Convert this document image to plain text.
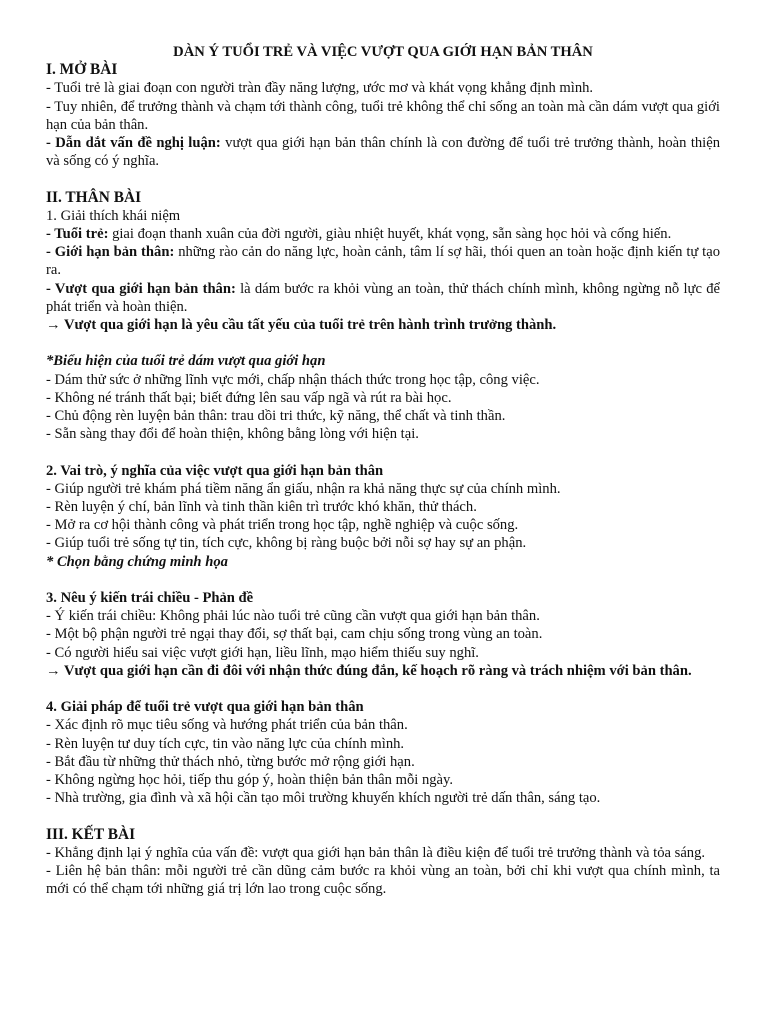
DÀN Ý TUỔI TRẺ VÀ VIỆC VƯỢT QUA GIỚI HẠN BẢN THÂN

I. MỞ BÀI

- Tuổi trẻ là giai đoạn con người tràn đầy năng lượng, ước mơ và khát vọng khẳng định mình.

- Tuy nhiên, để trưởng thành và chạm tới thành công, tuổi trẻ không thể chỉ sống an toàn mà cần dám vượt qua giới hạn của bản thân.

- Dẫn dắt vấn đề nghị luận: vượt qua giới hạn bản thân chính là con đường để tuổi trẻ trưởng thành, hoàn thiện và sống có ý nghĩa.

II. THÂN BÀI

1. Giải thích khái niệm

- Tuổi trẻ: giai đoạn thanh xuân của đời người, giàu nhiệt huyết, khát vọng, sẵn sàng học hỏi và cống hiến.

- Giới hạn bản thân: những rào cản do năng lực, hoàn cảnh, tâm lí sợ hãi, thói quen an toàn hoặc định kiến tự tạo ra.

- Vượt qua giới hạn bản thân: là dám bước ra khỏi vùng an toàn, thử thách chính mình, không ngừng nỗ lực để phát triển và hoàn thiện.

→ Vượt qua giới hạn là yêu cầu tất yếu của tuổi trẻ trên hành trình trưởng thành.

*Biểu hiện của tuổi trẻ dám vượt qua giới hạn

- Dám thử sức ở những lĩnh vực mới, chấp nhận thách thức trong học tập, công việc.

- Không né tránh thất bại; biết đứng lên sau vấp ngã và rút ra bài học.

- Chủ động rèn luyện bản thân: trau dồi tri thức, kỹ năng, thể chất và tinh thần.

- Sẵn sàng thay đổi để hoàn thiện, không bằng lòng với hiện tại.

2. Vai trò, ý nghĩa của việc vượt qua giới hạn bản thân

- Giúp người trẻ khám phá tiềm năng ẩn giấu, nhận ra khả năng thực sự của chính mình.

- Rèn luyện ý chí, bản lĩnh và tinh thần kiên trì trước khó khăn, thử thách.

- Mở ra cơ hội thành công và phát triển trong học tập, nghề nghiệp và cuộc sống.

- Giúp tuổi trẻ sống tự tin, tích cực, không bị ràng buộc bởi nỗi sợ hay sự an phận.

* Chọn bằng chứng minh họa

3. Nêu ý kiến trái chiều - Phản đề

- Ý kiến trái chiều: Không phải lúc nào tuổi trẻ cũng cần vượt qua giới hạn bản thân.

- Một bộ phận người trẻ ngại thay đổi, sợ thất bại, cam chịu sống trong vùng an toàn.

- Có người hiểu sai việc vượt giới hạn, liều lĩnh, mạo hiểm thiếu suy nghĩ.

→ Vượt qua giới hạn cần đi đôi với nhận thức đúng đắn, kế hoạch rõ ràng và trách nhiệm với bản thân.

4. Giải pháp để tuổi trẻ vượt qua giới hạn bản thân

- Xác định rõ mục tiêu sống và hướng phát triển của bản thân.

- Rèn luyện tư duy tích cực, tin vào năng lực của chính mình.

- Bắt đầu từ những thử thách nhỏ, từng bước mở rộng giới hạn.

- Không ngừng học hỏi, tiếp thu góp ý, hoàn thiện bản thân mỗi ngày.

- Nhà trường, gia đình và xã hội cần tạo môi trường khuyến khích người trẻ dấn thân, sáng tạo.

III. KẾT BÀI

- Khẳng định lại ý nghĩa của vấn đề: vượt qua giới hạn bản thân là điều kiện để tuổi trẻ trưởng thành và tỏa sáng.

- Liên hệ bản thân: mỗi người trẻ cần dũng cảm bước ra khỏi vùng an toàn, bởi chỉ khi vượt qua chính mình, ta mới có thể chạm tới những giá trị lớn lao trong cuộc sống.
